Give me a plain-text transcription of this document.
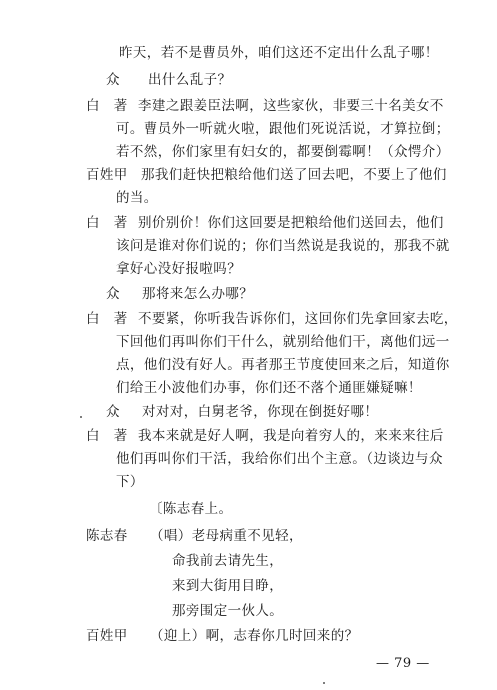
昨天，若不是曹员外，咱们这还不定出什么乱子哪！
众 出什么乱子？
白　著 李建之跟姜臣法啊，这些家伙，非要三十名美女不
可。曹员外一听就火啦，跟他们死说活说，才算拉倒；
若不然，你们家里有妇女的，都要倒霉啊！（众愕介）
百姓甲 那我们赶快把粮给他们送了回去吧，不要上了他们
的当。
白　著 别价别价！你们这回要是把粮给他们送回去，他们
该问是谁对你们说的；你们当然说是我说的，那我不就
拿好心没好报啦吗？
众 那将来怎么办哪？
白　著 不要紧，你听我告诉你们，这回你们先拿回家去吃，
下回他们再叫你们干什么，就别给他们干，离他们远一
点，他们没有好人。再者那王节度使回来之后，知道你
们给王小波他们办事，你们还不落个通匪嫌疑嘛！
众 对对对，白舅老爷，你现在倒挺好哪！
白　著 我本来就是好人啊，我是向着穷人的，来来来往后
他们再叫你们干活，我给你们出个主意。（边谈边与众
下）
〔陈志春上。
陈志春 （唱）老母病重不见轻，
命我前去请先生，
来到大街用目睁，
那旁围定一伙人。
百姓甲 （迎上）啊，志春你几时回来的？
— 79 —
